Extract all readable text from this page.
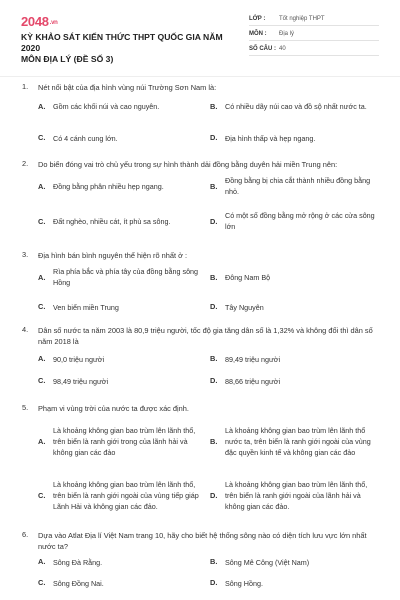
2048.vn
KỲ KHẢO SÁT KIẾN THỨC THPT QUỐC GIA NĂM 2020
MÔN ĐỊA LÝ (ĐỀ SỐ 3)
LỚP :	Tốt nghiệp THPT
MÔN :	Địa lý
SỐ CÂU : 40
1. Nét nổi bật của địa hình vùng núi Trường Sơn Nam là:
A.	Gồm các khối núi và cao nguyên.	B.	Có nhiều dãy núi cao và đồ sộ nhất nước ta.
C.	Có 4 cánh cung lớn.	D.	Địa hình thấp và hẹp ngang.
2. Do biển đóng vai trò chủ yếu trong sự hình thành dải đồng bằng duyên hải miền Trung nên:
A.	Đồng bằng phân nhiều hẹp ngang.	B.
Đồng bằng bị chia cắt thành nhiều đồng bằng nhỏ.
C.	Đất nghèo, nhiều cát, ít phù sa sông.	D.
Có một số đồng bằng mở rộng ở các cửa sông lớn
3. Địa hình bán bình nguyên thể hiện rõ nhất ở :
A.
Rìa phía bắc và phía tây của đồng bằng sông Hồng
B.	Đông Nam Bộ
C.	Ven biển miền Trung	D.	Tây Nguyên
4. Dân số nước ta năm 2003 là 80,9 triệu người, tốc độ gia tăng dân số là 1,32% và không đổi thì dân số năm 2018 là
A.	90,0 triệu người	B.	89,49 triệu người
C.	98,49 triệu người	D.	88,66 triệu người
5. Phạm vi vùng trời của nước ta được xác định.
A.
Là khoảng không gian bao trùm lên lãnh thổ, trên biển là ranh giới trong của lãnh hải và không gian các đảo
B.
Là khoảng không gian bao trùm lên lãnh thổ nước ta, trên biển là ranh giới ngoài của vùng đặc quyền kinh tế và không gian các đảo
C.
Là khoảng không gian bao trùm lên lãnh thổ, trên biển là ranh giới ngoài của vùng tiếp giáp Lãnh Hải và không gian các đảo.
D.
Là khoảng không gian bao trùm lên lãnh thổ, trên biển là ranh giới ngoài của lãnh hải và không gian các đảo.
6. Dựa vào Atlat Địa lí Việt Nam trang 10, hãy cho biết hệ thống sông nào có diện tích lưu vực lớn nhất nước ta?
A.	Sông Đà Rằng.	B.	Sông Mê Công (Việt Nam)
C.	Sông Đồng Nai.	D.	Sông Hồng.
